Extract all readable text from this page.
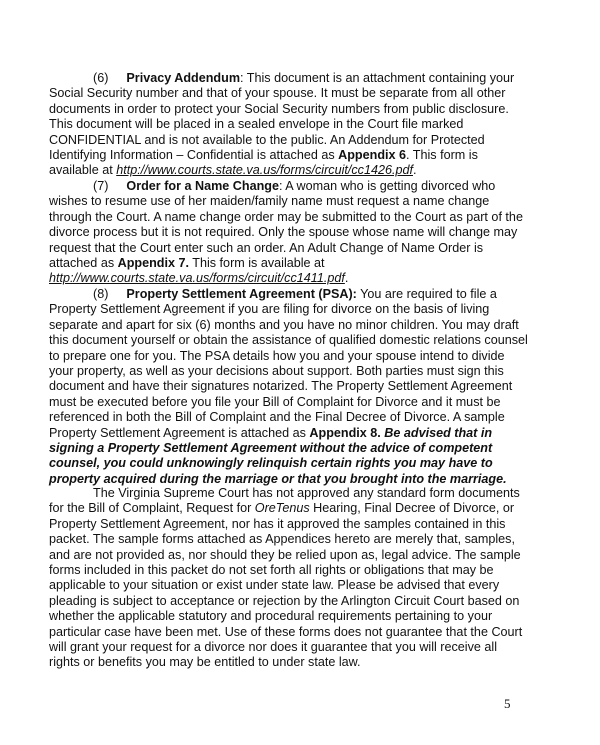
(6) Privacy Addendum: This document is an attachment containing your Social Security number and that of your spouse. It must be separate from all other documents in order to protect your Social Security numbers from public disclosure. This document will be placed in a sealed envelope in the Court file marked CONFIDENTIAL and is not available to the public. An Addendum for Protected Identifying Information – Confidential is attached as Appendix 6. This form is available at http://www.courts.state.va.us/forms/circuit/cc1426.pdf.

(7) Order for a Name Change: A woman who is getting divorced who wishes to resume use of her maiden/family name must request a name change through the Court. A name change order may be submitted to the Court as part of the divorce process but it is not required. Only the spouse whose name will change may request that the Court enter such an order. An Adult Change of Name Order is attached as Appendix 7. This form is available at http://www.courts.state.va.us/forms/circuit/cc1411.pdf.

(8) Property Settlement Agreement (PSA): You are required to file a Property Settlement Agreement if you are filing for divorce on the basis of living separate and apart for six (6) months and you have no minor children. You may draft this document yourself or obtain the assistance of qualified domestic relations counsel to prepare one for you. The PSA details how you and your spouse intend to divide your property, as well as your decisions about support. Both parties must sign this document and have their signatures notarized. The Property Settlement Agreement must be executed before you file your Bill of Complaint for Divorce and it must be referenced in both the Bill of Complaint and the Final Decree of Divorce. A sample Property Settlement Agreement is attached as Appendix 8. Be advised that in signing a Property Settlement Agreement without the advice of competent counsel, you could unknowingly relinquish certain rights you may have to property acquired during the marriage or that you brought into the marriage.

The Virginia Supreme Court has not approved any standard form documents for the Bill of Complaint, Request for OreTenus Hearing, Final Decree of Divorce, or Property Settlement Agreement, nor has it approved the samples contained in this packet. The sample forms attached as Appendices hereto are merely that, samples, and are not provided as, nor should they be relied upon as, legal advice. The sample forms included in this packet do not set forth all rights or obligations that may be applicable to your situation or exist under state law. Please be advised that every pleading is subject to acceptance or rejection by the Arlington Circuit Court based on whether the applicable statutory and procedural requirements pertaining to your particular case have been met. Use of these forms does not guarantee that the Court will grant your request for a divorce nor does it guarantee that you will receive all rights or benefits you may be entitled to under state law.

5
